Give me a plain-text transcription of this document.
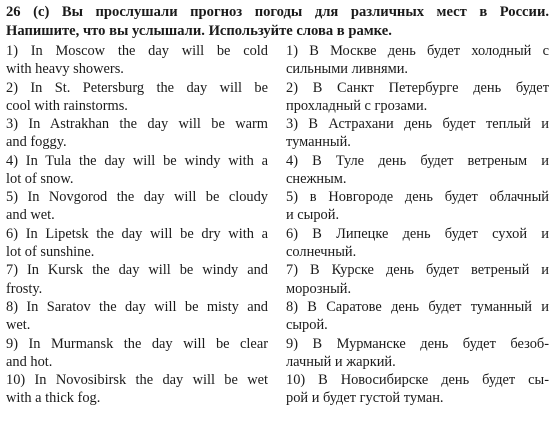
26 (c) Вы прослушали прогноз погоды для различных мест в России.
Напишите, что вы услышали. Используйте слова в рамке.
1) In Moscow the day will be cold
with heavy showers.
2) In St. Petersburg the day will be
cool with rainstorms.
3) In Astrakhan the day will be warm
and foggy.
4) In Tula the day will be windy with a
lot of snow.
5) In Novgorod the day will be cloudy
and wet.
6) In Lipetsk the day will be dry with a
lot of sunshine.
7) In Kursk the day will be windy and
frosty.
8) In Saratov the day will be misty and
wet.
9) In Murmansk the day will be clear
and hot.
10) In Novosibirsk the day will be wet
with a thick fog.
1) В Москве день будет холодный с
сильными ливнями.
2) В Санкт Петербурге день будет
прохладный с грозами.
3) В Астрахани день будет теплый и
туманный.
4) В Туле день будет ветреным и
снежным.
5) в Новгороде день будет облачный
и сырой.
6) В Липецке день будет сухой и
солнечный.
7) В Курске день будет ветреный и
морозный.
8) В Саратове день будет туманный и
сырой.
9) В Мурманске день будет безоб-
лачный и жаркий.
10) В Новосибирске день будет сы-
рой и будет густой туман.
